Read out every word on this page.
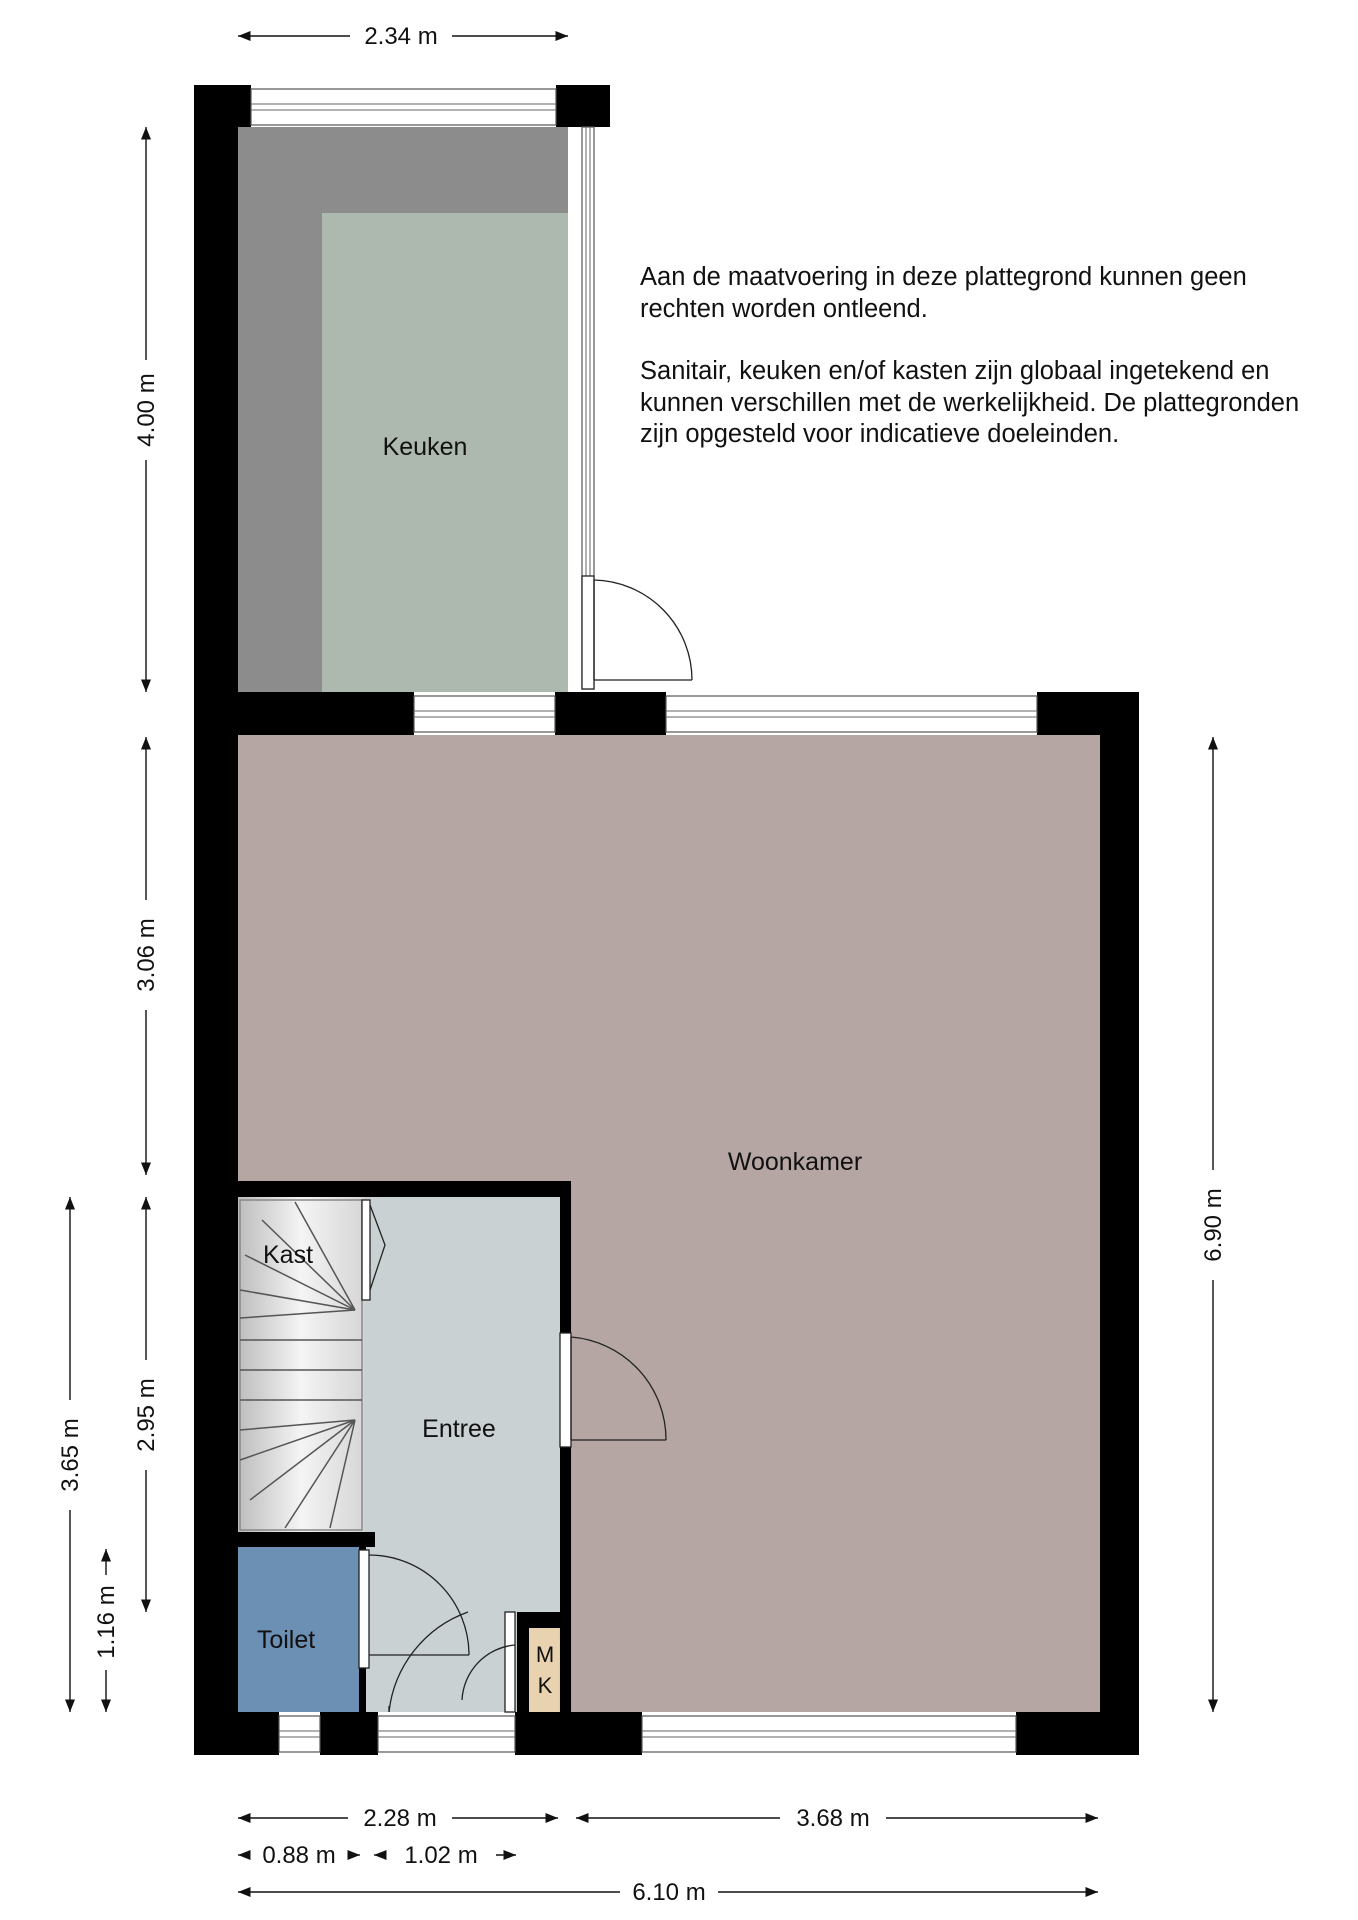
Keuken
Woonkamer
Kast
Entree
Toilet
M
K
2.34 m
4.00 m
3.06 m
2.95 m
3.65 m
1.16 m
6.90 m
2.28 m	3.68 m
0.88 m	1.02 m
6.10 m

Aan de maatvoering in deze plattegrond kunnen geen rechten worden ontleend.

Sanitair, keuken en/of kasten zijn globaal ingetekend en kunnen verschillen met de werkelijkheid. De plattegronden zijn opgesteld voor indicatieve doeleinden.
